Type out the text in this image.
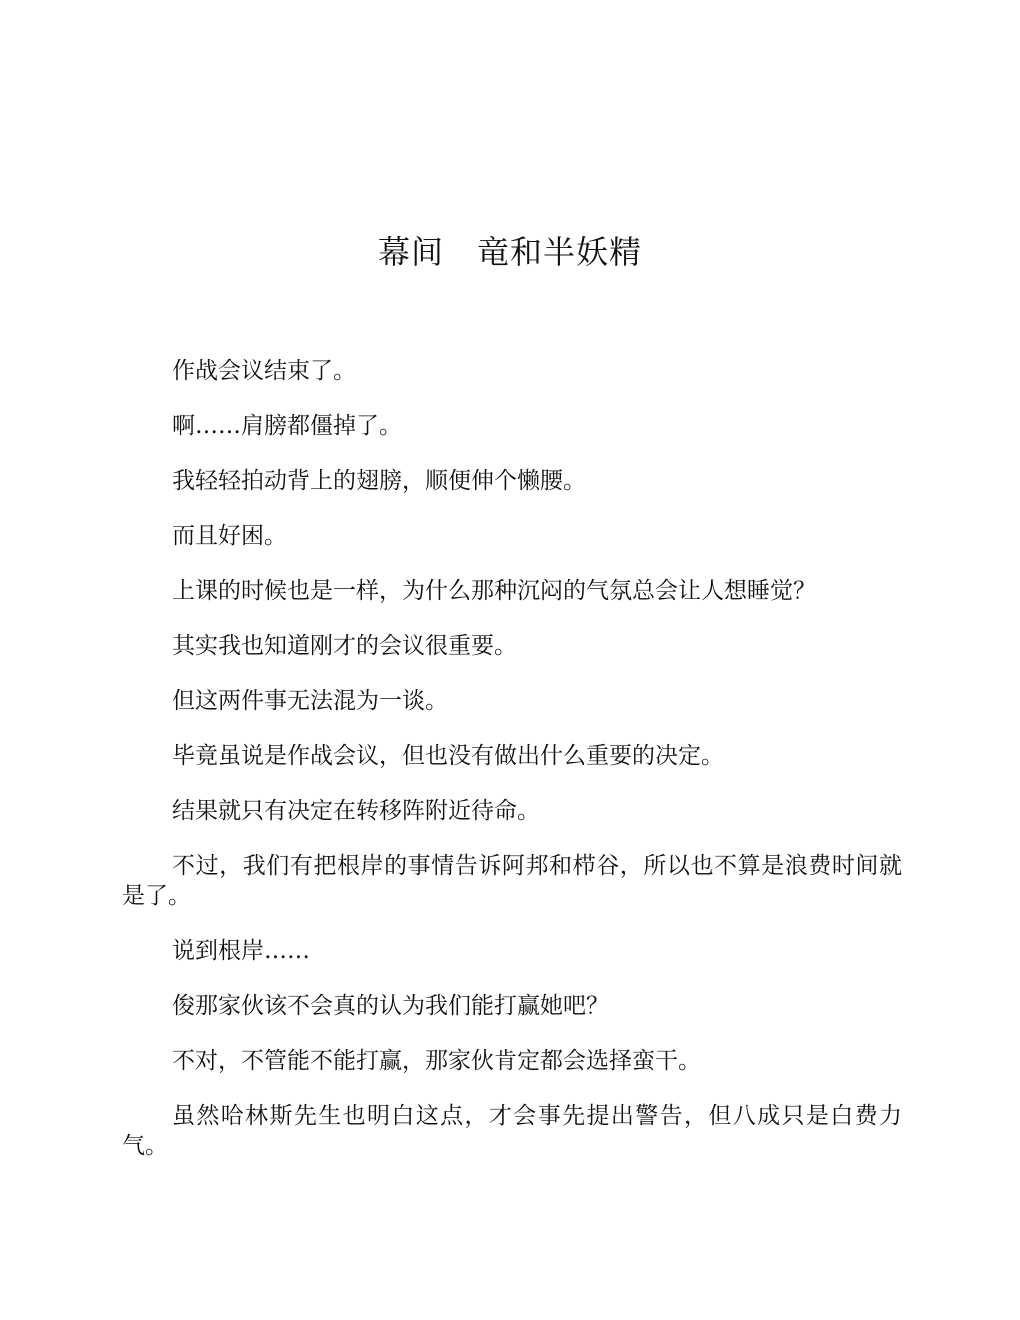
幕间　竜和半妖精

作战会议结束了。

啊……肩膀都僵掉了。

我轻轻拍动背上的翅膀，顺便伸个懒腰。

而且好困。

上课的时候也是一样，为什么那种沉闷的气氛总会让人想睡觉？

其实我也知道刚才的会议很重要。

但这两件事无法混为一谈。

毕竟虽说是作战会议，但也没有做出什么重要的决定。

结果就只有决定在转移阵附近待命。

不过，我们有把根岸的事情告诉阿邦和栉谷，所以也不算是浪费时间就是了。

说到根岸……

俊那家伙该不会真的认为我们能打赢她吧？

不对，不管能不能打赢，那家伙肯定都会选择蛮干。

虽然哈林斯先生也明白这点，才会事先提出警告，但八成只是白费力气。
